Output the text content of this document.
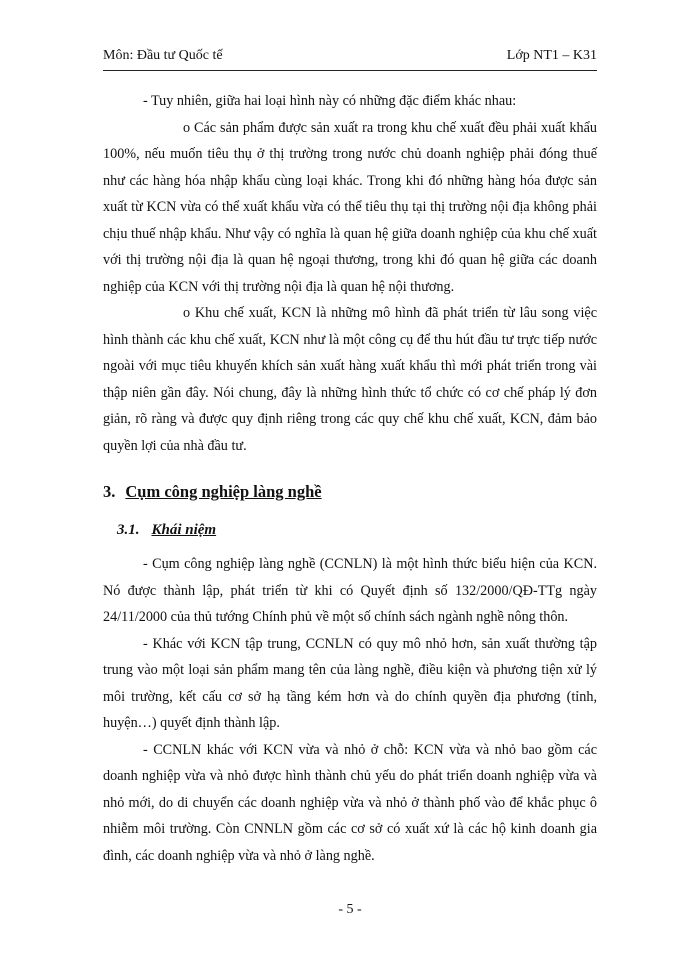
Môn: Đầu tư Quốc tế	Lớp NT1 – K31

- Tuy nhiên, giữa hai loại hình này có những đặc điểm khác nhau:

o Các sản phẩm được sản xuất ra trong khu chế xuất đều phải xuất khẩu 100%, nếu muốn tiêu thụ ở thị trường trong nước chủ doanh nghiệp phải đóng thuế như các hàng hóa nhập khẩu cùng loại khác. Trong khi đó những hàng hóa được sản xuất từ KCN vừa có thể xuất khẩu vừa có thể tiêu thụ tại thị trường nội địa không phải chịu thuế nhập khẩu. Như vậy có nghĩa là quan hệ giữa doanh nghiệp của khu chế xuất với thị trường nội địa là quan hệ ngoại thương, trong khi đó quan hệ giữa các doanh nghiệp của KCN với thị trường nội địa là quan hệ nội thương.

o Khu chế xuất, KCN là những mô hình đã phát triển từ lâu song việc hình thành các khu chế xuất, KCN như là một công cụ để thu hút đầu tư trực tiếp nước ngoài với mục tiêu khuyến khích sản xuất hàng xuất khẩu thì mới phát triển trong vài thập niên gần đây. Nói chung, đây là những hình thức tổ chức có cơ chế pháp lý đơn giản, rõ ràng và được quy định riêng trong các quy chế khu chế xuất, KCN, đảm bảo quyền lợi của nhà đầu tư.

3. Cụm công nghiệp làng nghề
3.1. Khái niệm

- Cụm công nghiệp làng nghề (CCNLN) là một hình thức biểu hiện của KCN. Nó được thành lập, phát triển từ khi có Quyết định số 132/2000/QĐ-TTg ngày 24/11/2000 của thủ tướng Chính phủ về một số chính sách ngành nghề nông thôn.

- Khác với KCN tập trung, CCNLN có quy mô nhỏ hơn, sản xuất thường tập trung vào một loại sản phẩm mang tên của làng nghề, điều kiện và phương tiện xử lý môi trường, kết cấu cơ sở hạ tầng kém hơn và do chính quyền địa phương (tỉnh, huyện…) quyết định thành lập.

- CCNLN khác với KCN vừa và nhỏ ở chỗ: KCN vừa và nhỏ bao gồm các doanh nghiệp vừa và nhỏ được hình thành chủ yếu do phát triển doanh nghiệp vừa và nhỏ mới, do di chuyển các doanh nghiệp vừa và nhỏ ở thành phố vào để khắc phục ô nhiễm môi trường. Còn CNNLN gồm các cơ sở có xuất xứ là các hộ kinh doanh gia đình, các doanh nghiệp vừa và nhỏ ở làng nghề.

- 5 -
